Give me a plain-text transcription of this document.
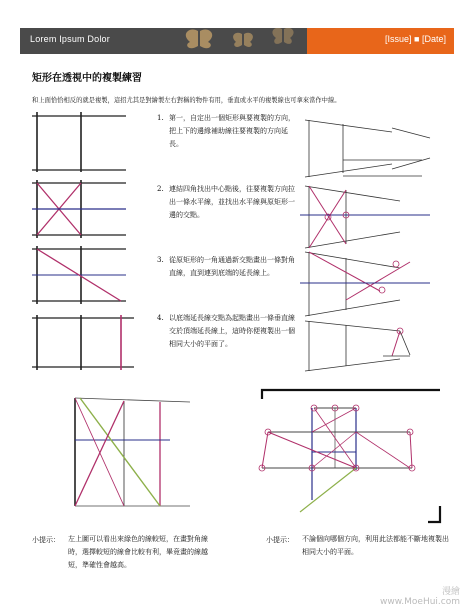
Lorem Ipsum Dolor	[Issue] ■ [Date]
矩形在透視中的複製練習
和上面恰恰相反的就是複製，這招尤其是對繪製左右對稱的物件有用，垂直或水平的複製線也可拿來當作中線。
1. 第一，自定出一個矩形與要複製的方向，把上下的邊緣補助線往要複製的方向延長。
2. 連結四角找出中心點後，往要複製方向拉出一條水平線，並找出水平線與原矩形一邊的交點。
3. 從原矩形的一角通過新交點畫出一條對角直線，直到連到底端的延長線上。
4. 以底端延長線交點為起點畫出一條垂直線交於頂端延長線上，這時你便複製出一個相同大小的平面了。
小提示： 左上圖可以看出來綠色的線較短，在畫對角線
時，選擇較短的線會比較有利，畢竟畫的線越
短，準確性會越高。
小提示： 不論個向哪個方向，利用此法都能不斷地複製出
相同大小的平面。
漫繪
www.MoeHui.com
